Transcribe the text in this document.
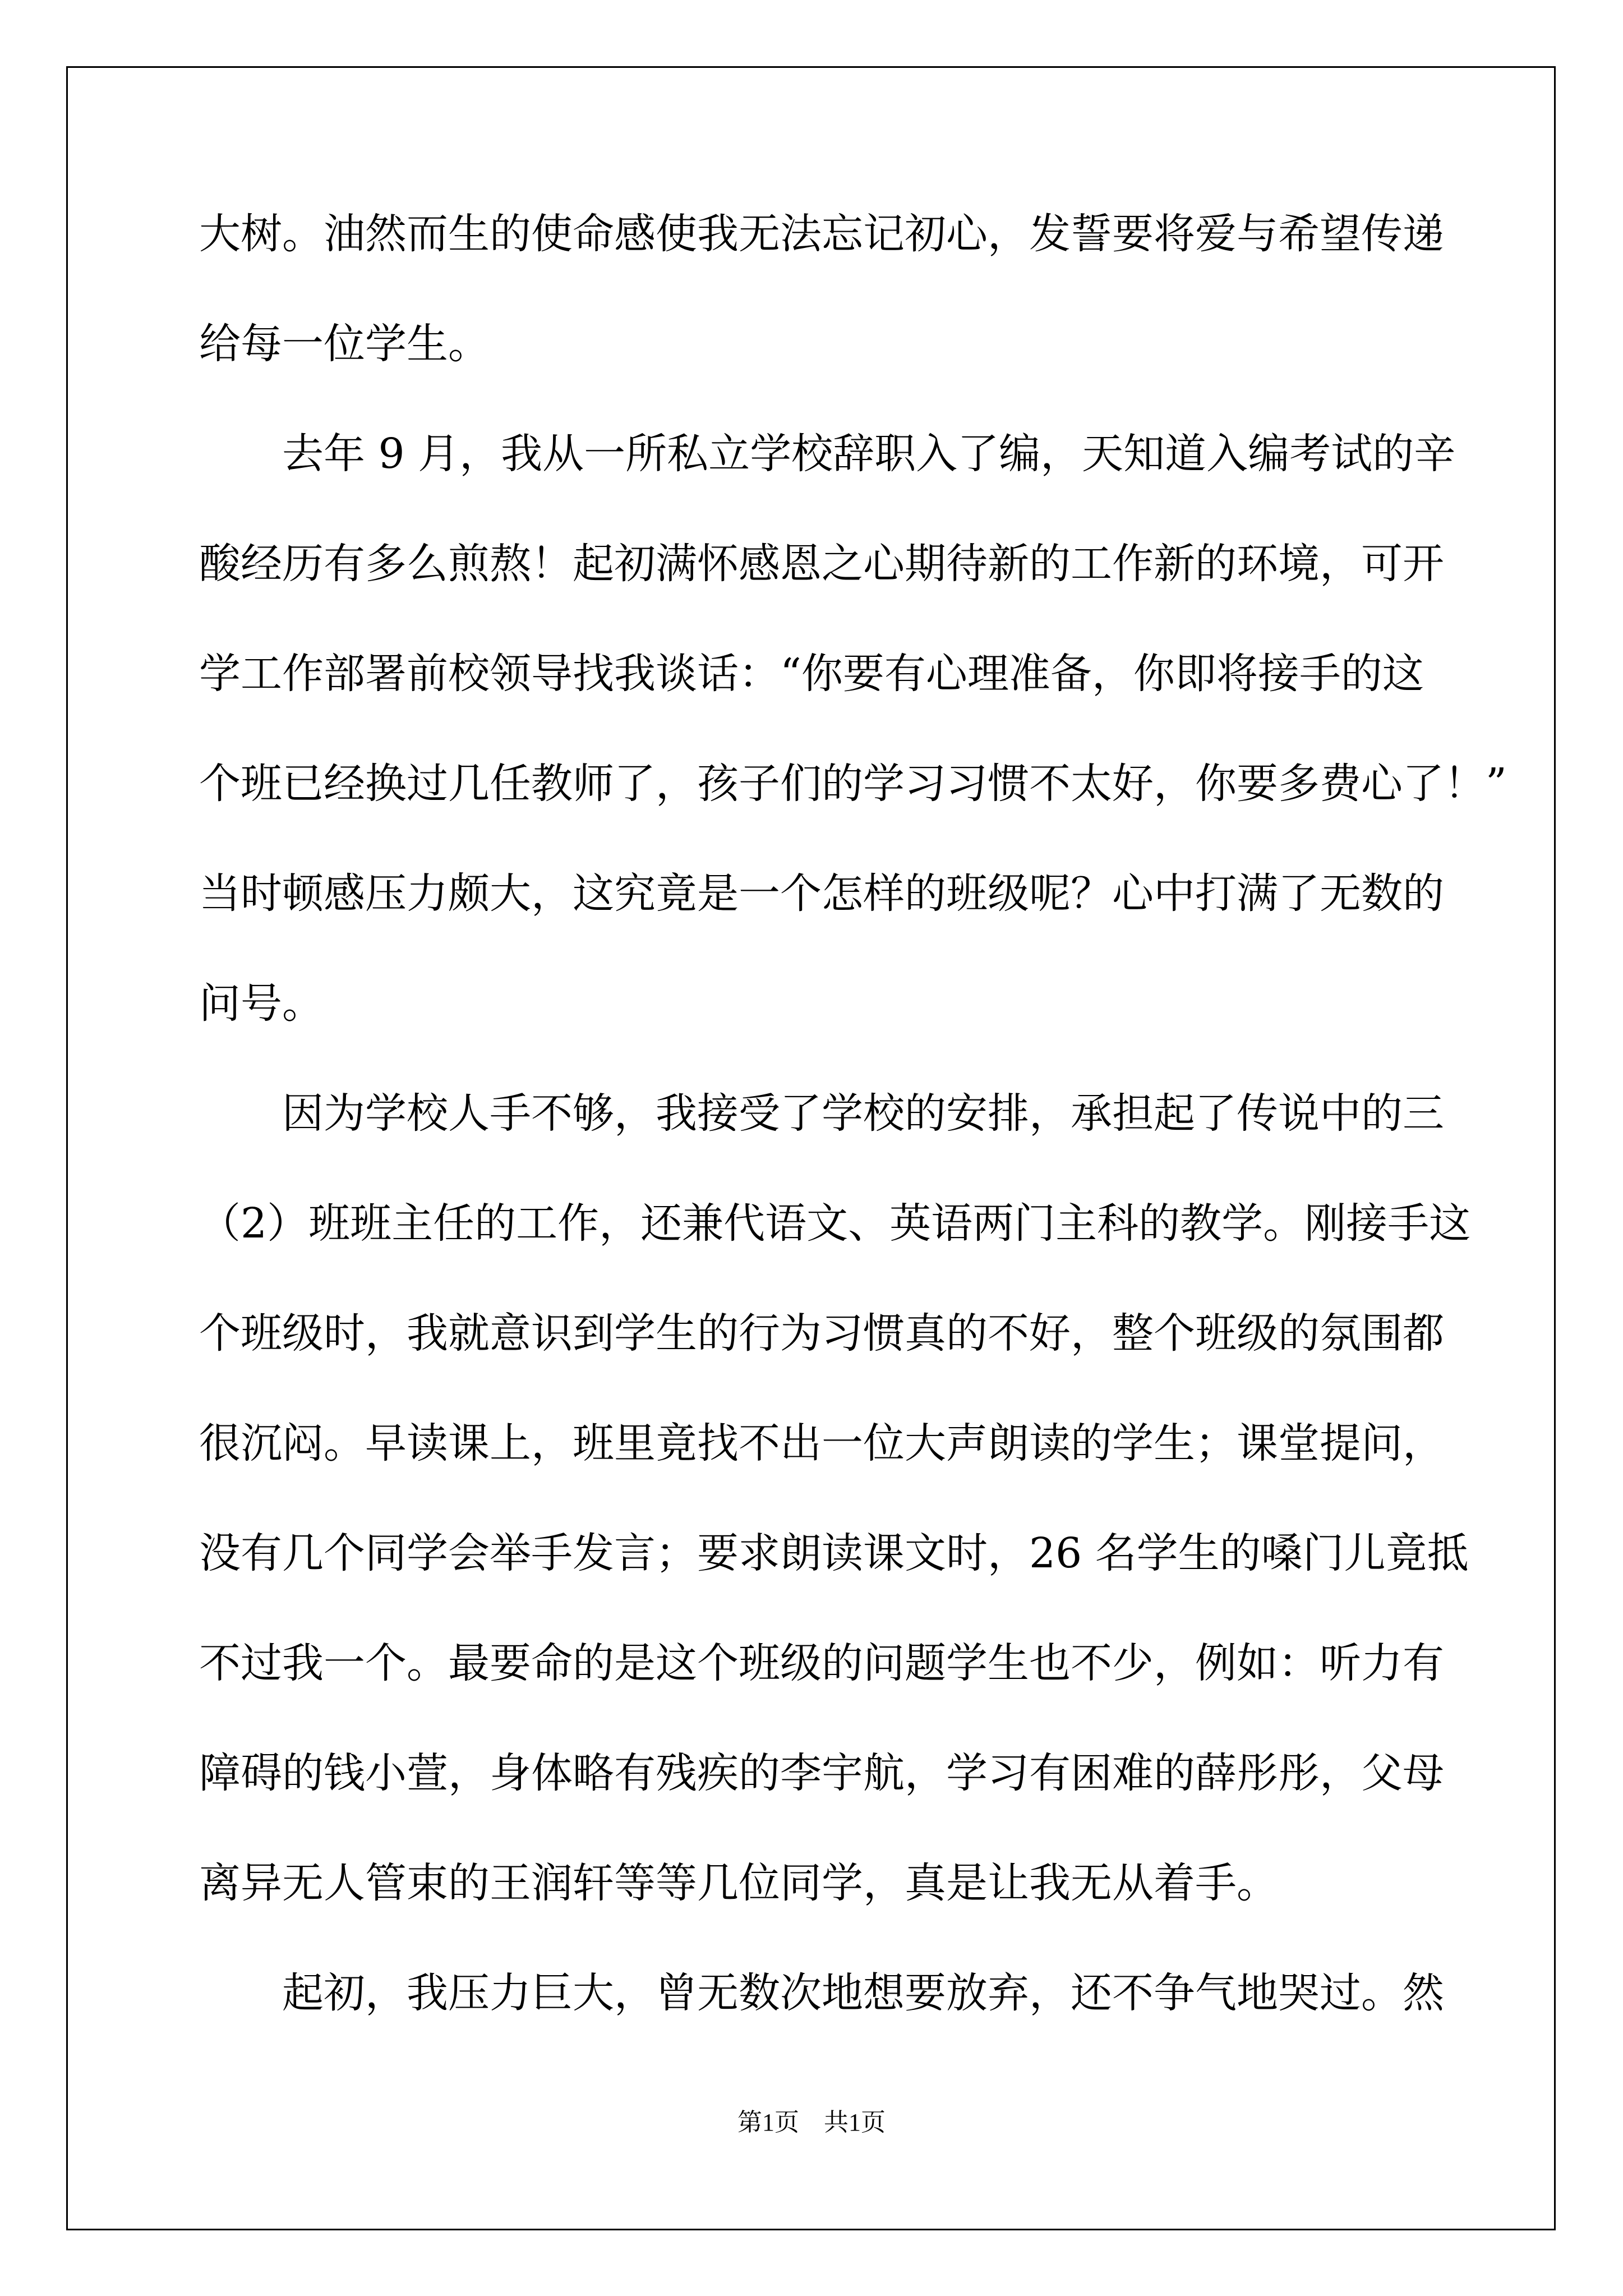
大树。油然而生的使命感使我无法忘记初心，发誓要将爱与希望传递
给每一位学生。
去年 9 月，我从一所私立学校辞职入了编，天知道入编考试的辛
酸经历有多么煎熬！起初满怀感恩之心期待新的工作新的环境，可开
学工作部署前校领导找我谈话：“你要有心理准备，你即将接手的这
个班已经换过几任教师了，孩子们的学习习惯不太好，你要多费心了！”
当时顿感压力颇大，这究竟是一个怎样的班级呢？心中打满了无数的
问号。
因为学校人手不够，我接受了学校的安排，承担起了传说中的三
（2）班班主任的工作，还兼代语文、英语两门主科的教学。刚接手这
个班级时，我就意识到学生的行为习惯真的不好，整个班级的氛围都
很沉闷。早读课上，班里竟找不出一位大声朗读的学生；课堂提问，
没有几个同学会举手发言；要求朗读课文时，26 名学生的嗓门儿竟抵
不过我一个。最要命的是这个班级的问题学生也不少，例如：听力有
障碍的钱小萱，身体略有残疾的李宇航，学习有困难的薛彤彤，父母
离异无人管束的王润轩等等几位同学，真是让我无从着手。
起初，我压力巨大，曾无数次地想要放弃，还不争气地哭过。然
第1页　共1页
